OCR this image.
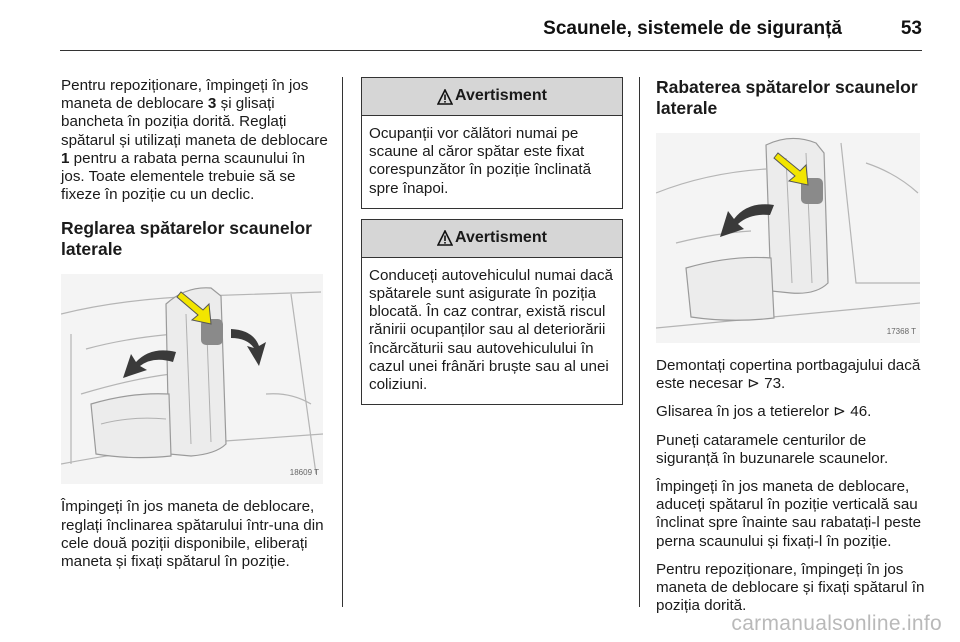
Scaunele, sistemele de siguranță	53

Pentru repoziționare, împingeți în jos maneta de deblocare 3 și glisați bancheta în poziția dorită. Reglați spătarul și utilizați maneta de deblocare 1 pentru a rabata perna scaunului în jos. Toate elementele trebuie să se fixeze în poziție cu un declic.

Reglarea spătarelor scaunelor laterale
18609 T

Împingeți în jos maneta de deblocare, reglați înclinarea spătarului într-una din cele două poziții disponibile, eliberați maneta și fixați spătarul în poziție.

Avertisment
Ocupanții vor călători numai pe scaune al căror spătar este fixat corespunzător în poziție înclinată spre înapoi.
Avertisment
Conduceți autovehiculul numai dacă spătarele sunt asigurate în poziția blocată. În caz contrar, există riscul rănirii ocupanților sau al deteriorării încărcăturii sau autovehiculului în cazul unei frânări bruște sau al unei coliziuni.
Rabaterea spătarelor scaunelor laterale
17368 T

Demontați copertina portbagajului dacă este necesar ⊳ 73.

Glisarea în jos a tetierelor ⊳ 46.

Puneți cataramele centurilor de siguranță în buzunarele scaunelor.

Împingeți în jos maneta de deblocare, aduceți spătarul în poziție verticală sau înclinat spre înainte sau rabatați-l peste perna scaunului și fixați-l în poziție.

Pentru repoziționare, împingeți în jos maneta de deblocare și fixați spătarul în poziția dorită.

carmanualsonline.info
